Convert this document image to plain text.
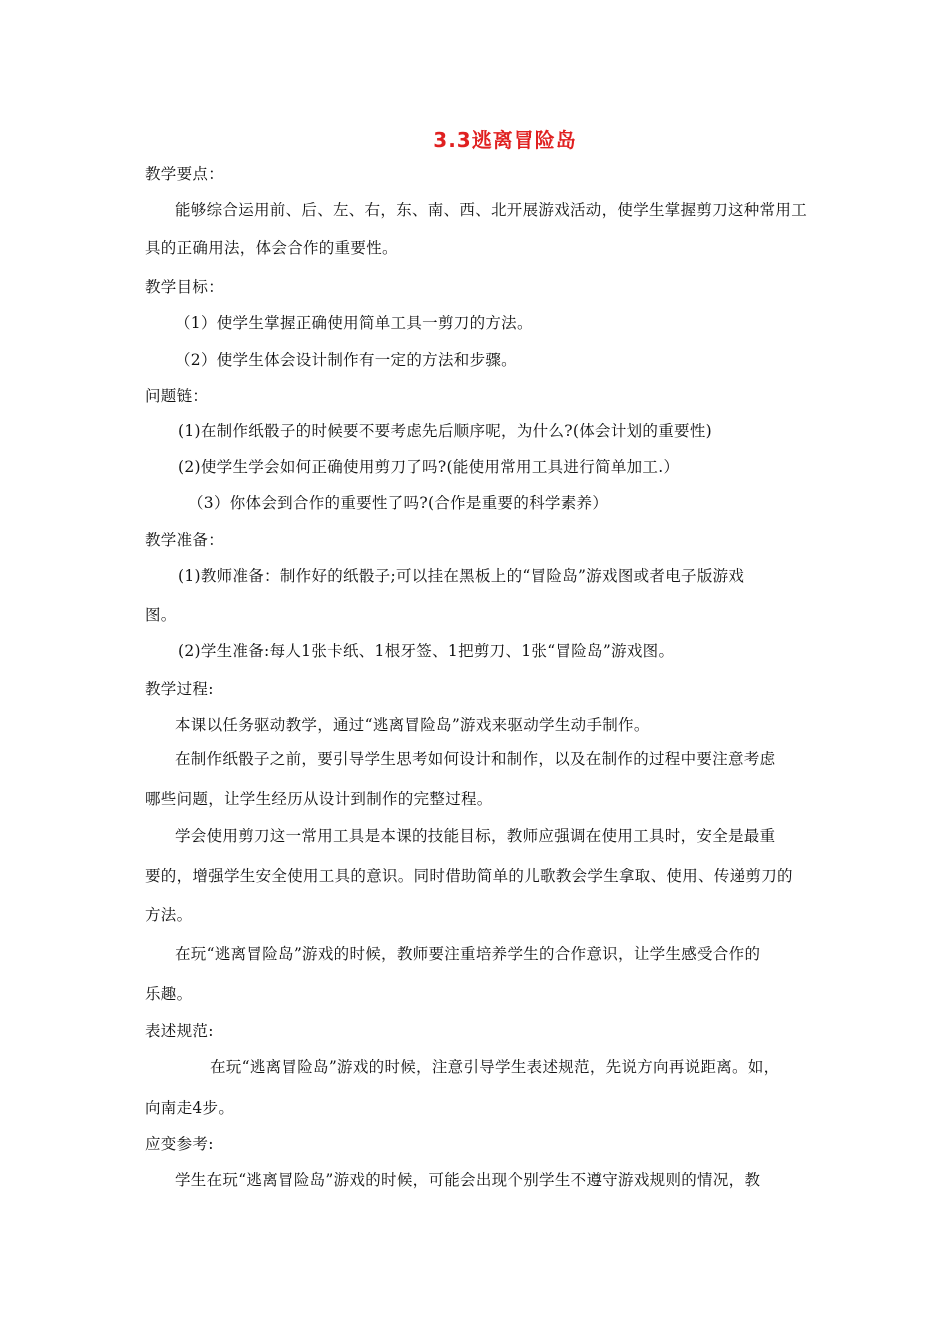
3.3逃离冒险岛
教学要点：
能够综合运用前、后、左、右，东、南、西、北开展游戏活动，使学生掌握剪刀这种常用工
具的正确用法，体会合作的重要性。
教学目标：
（1）使学生掌握正确使用简单工具一剪刀的方法。
（2）使学生体会设计制作有一定的方法和步骤。
问题链：
(1)在制作纸骰子的时候要不要考虑先后顺序呢，为什么?(体会计划的重要性)
(2)使学生学会如何正确使用剪刀了吗?(能使用常用工具进行简单加工.）
（3）你体会到合作的重要性了吗?(合作是重要的科学素养）
教学准备：
(1)教师准备：制作好的纸骰子;可以挂在黑板上的“冒险岛”游戏图或者电子版游戏
图。
(2)学生准备:每人1张卡纸、1根牙签、1把剪刀、1张“冒险岛”游戏图。
教学过程:
本课以任务驱动教学，通过“逃离冒险岛”游戏来驱动学生动手制作。
在制作纸骰子之前，要引导学生思考如何设计和制作，以及在制作的过程中要注意考虑
哪些问题，让学生经历从设计到制作的完整过程。
学会使用剪刀这一常用工具是本课的技能目标，教师应强调在使用工具时，安全是最重
要的，增强学生安全使用工具的意识。同时借助简单的儿歌教会学生拿取、使用、传递剪刀的
方法。
在玩“逃离冒险岛”游戏的时候，教师要注重培养学生的合作意识，让学生感受合作的
乐趣。
表述规范:
在玩“逃离冒险岛”游戏的时候，注意引导学生表述规范，先说方向再说距离。如，
向南走4步。
应变参考:
学生在玩“逃离冒险岛”游戏的时候，可能会出现个别学生不遵守游戏规则的情况，教
